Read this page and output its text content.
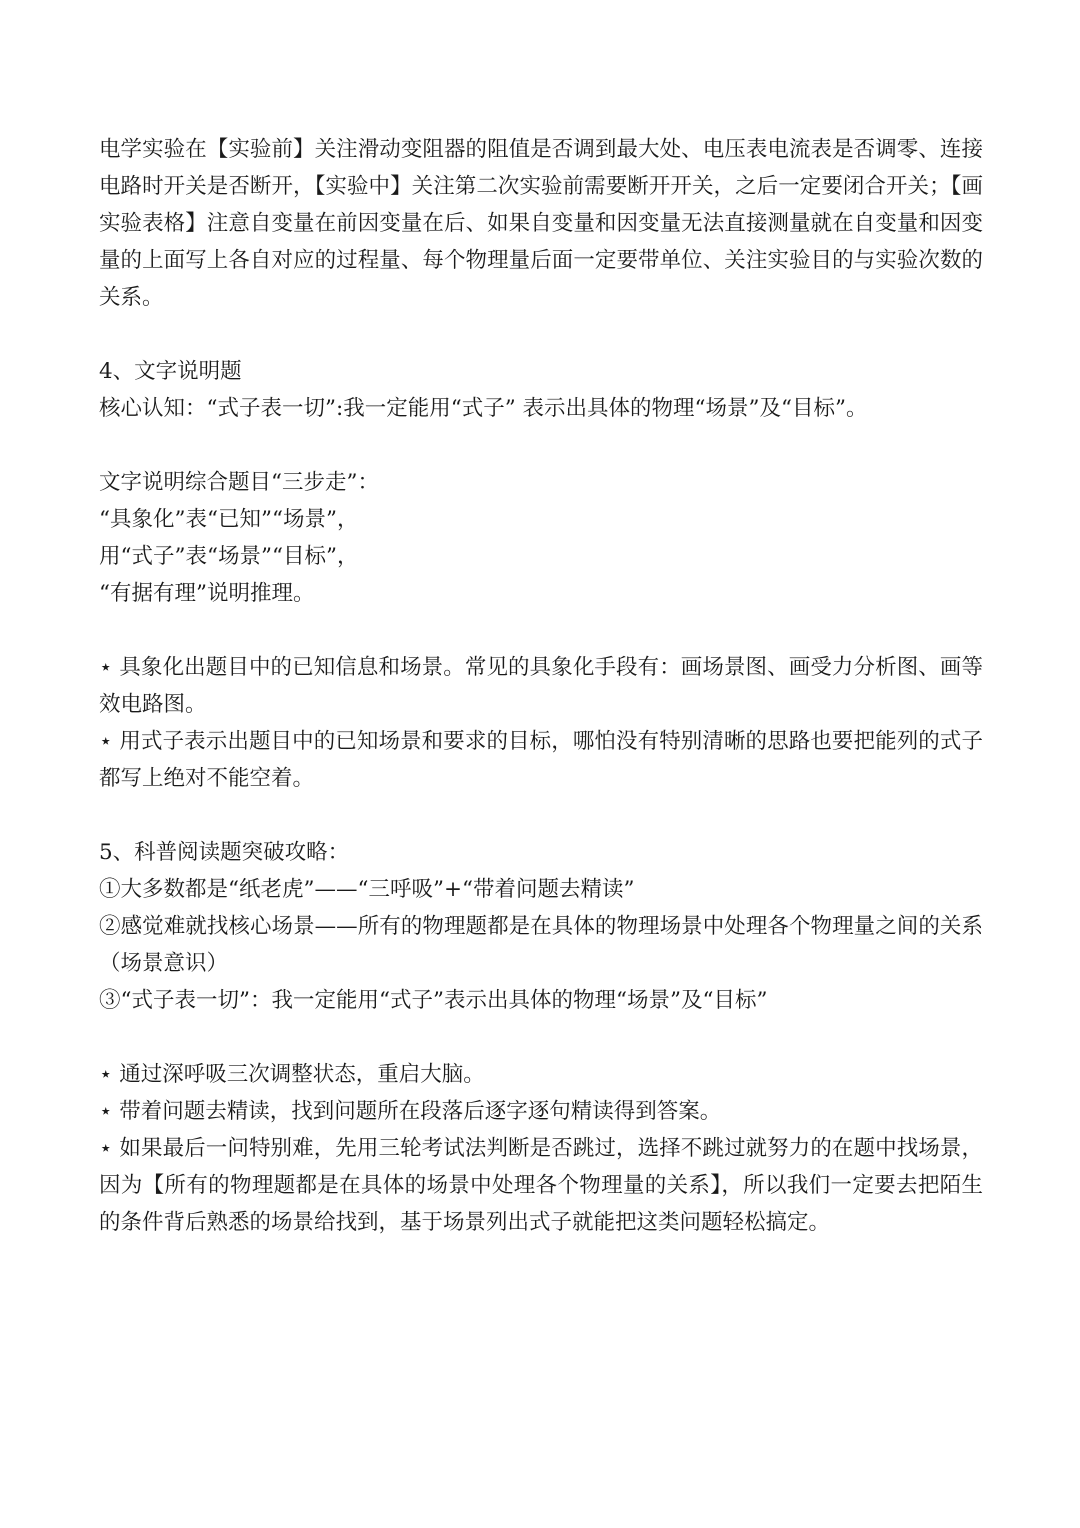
电学实验在【实验前】关注滑动变阻器的阻值是否调到最大处、电压表电流表是否调零、连接电路时开关是否断开，【实验中】关注第二次实验前需要断开开关，之后一定要闭合开关；【画实验表格】注意自变量在前因变量在后、如果自变量和因变量无法直接测量就在自变量和因变量的上面写上各自对应的过程量、每个物理量后面一定要带单位、关注实验目的与实验次数的关系。

4、文字说明题
核心认知：“式子表一切”:我一定能用“式子” 表示出具体的物理“场景”及“目标”。
文字说明综合题目“三步走”：
“具象化”表“已知”“场景”，
用“式子”表“场景”“目标”，
“有据有理”说明推理。

⋆ 具象化出题目中的已知信息和场景。常见的具象化手段有：画场景图、画受力分析图、画等效电路图。

⋆ 用式子表示出题目中的已知场景和要求的目标，哪怕没有特别清晰的思路也要把能列的式子都写上绝对不能空着。

5、科普阅读题突破攻略：

①大多数都是“纸老虎”——“三呼吸”+“带着问题去精读”

②感觉难就找核心场景——所有的物理题都是在具体的物理场景中处理各个物理量之间的关系（场景意识）

③“式子表一切”：我一定能用“式子”表示出具体的物理“场景”及“目标”

⋆ 通过深呼吸三次调整状态，重启大脑。

⋆ 带着问题去精读，找到问题所在段落后逐字逐句精读得到答案。

⋆ 如果最后一问特别难，先用三轮考试法判断是否跳过，选择不跳过就努力的在题中找场景，因为【所有的物理题都是在具体的场景中处理各个物理量的关系】，所以我们一定要去把陌生的条件背后熟悉的场景给找到，基于场景列出式子就能把这类问题轻松搞定。
